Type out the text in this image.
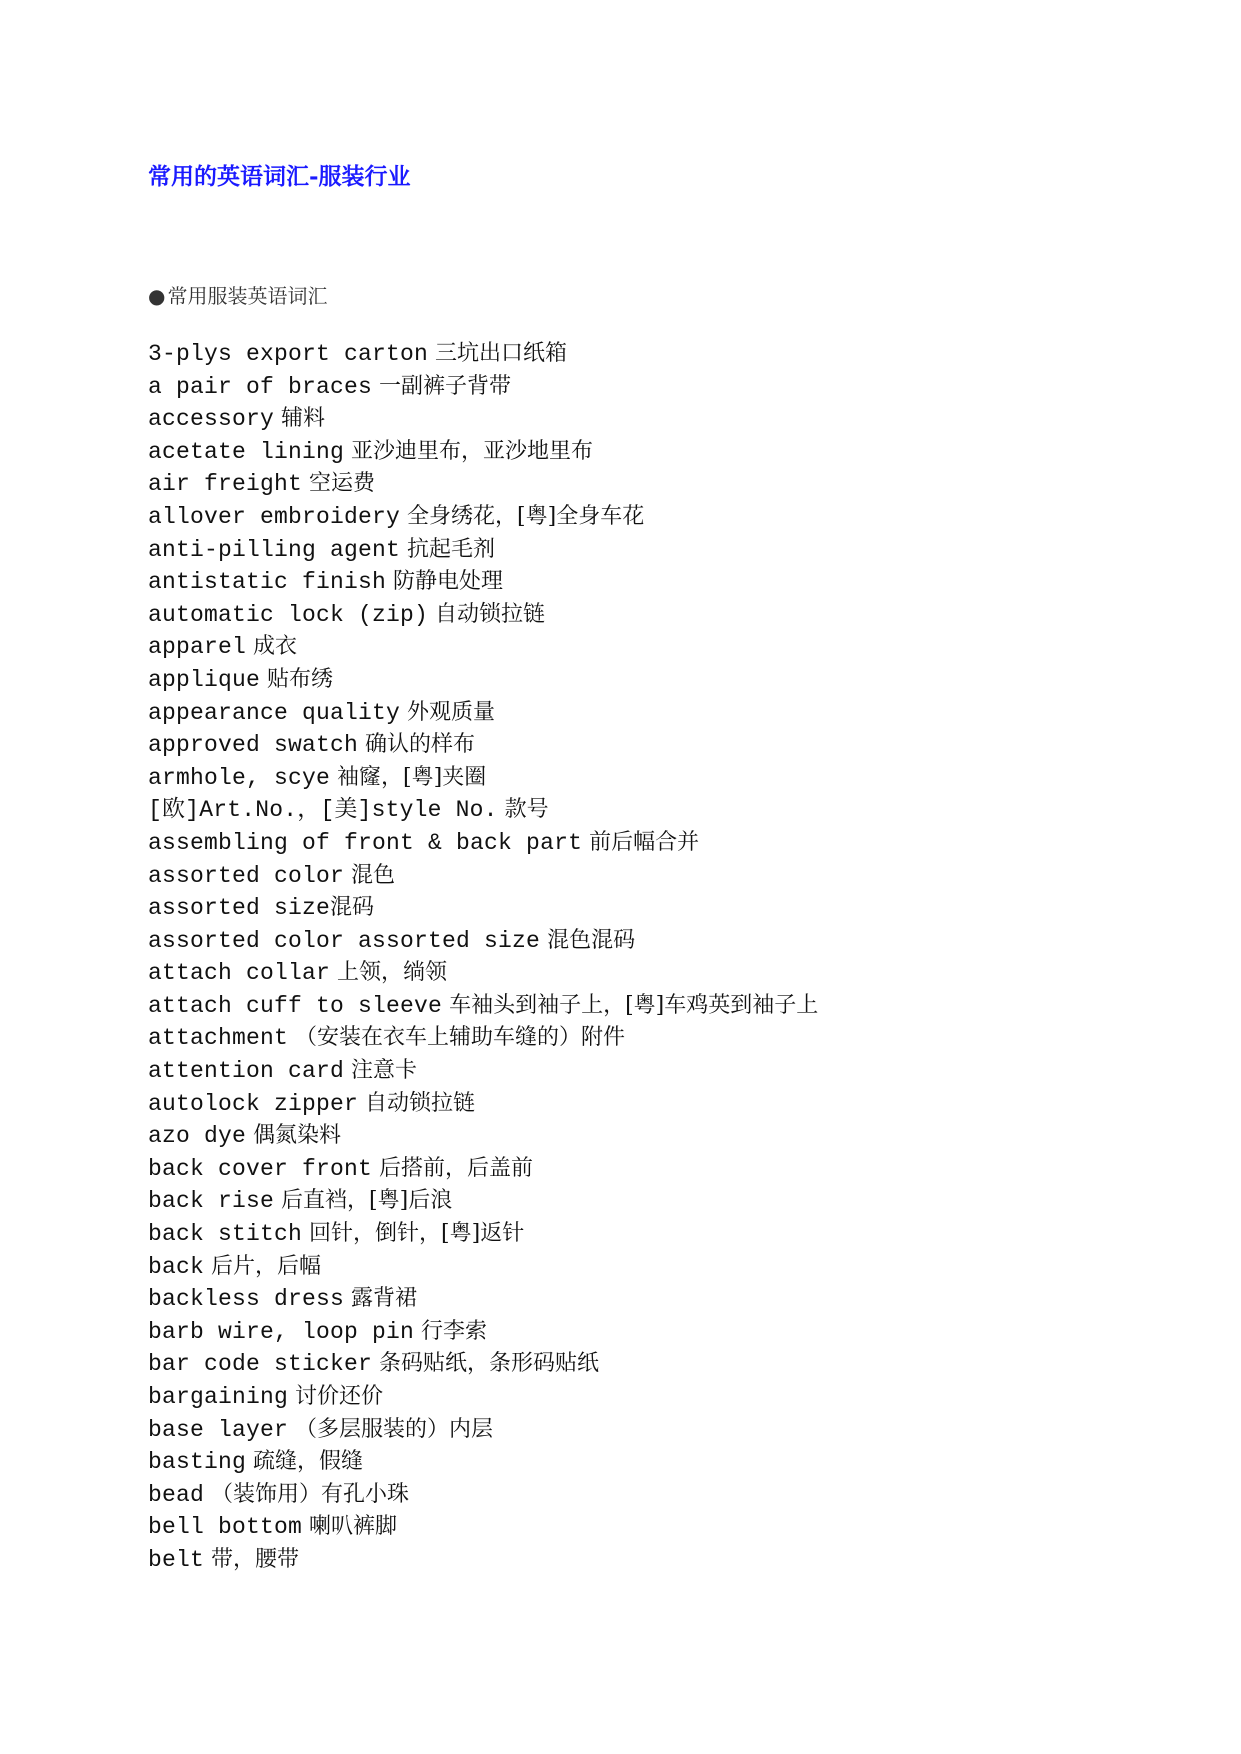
常用的英语词汇-服装行业
● 常用服装英语词汇
3-plys export carton 三坑出口纸箱
a pair of braces 一副裤子背带
accessory 辅料
acetate lining 亚沙迪里布，亚沙地里布
air freight 空运费
allover embroidery 全身绣花，[粤]全身车花
anti-pilling agent 抗起毛剂
antistatic finish 防静电处理
automatic lock (zip) 自动锁拉链
apparel 成衣
applique 贴布绣
appearance quality 外观质量
approved swatch 确认的样布
armhole, scye 袖窿，[粤]夹圈
[欧]Art.No.，[美]style No. 款号
assembling of front & back part 前后幅合并
assorted color 混色
assorted size混码
assorted color assorted size 混色混码
attach collar 上领，绱领
attach cuff to sleeve 车袖头到袖子上，[粤]车鸡英到袖子上
attachment （安装在衣车上辅助车缝的）附件
attention card 注意卡
autolock zipper 自动锁拉链
azo dye 偶氮染料
back cover front 后搭前，后盖前
back rise 后直裆，[粤]后浪
back stitch 回针，倒针，[粤]返针
back 后片，后幅
backless dress 露背裙
barb wire, loop pin 行李索
bar code sticker 条码贴纸，条形码贴纸
bargaining 讨价还价
base layer （多层服装的）内层
basting 疏缝，假缝
bead （装饰用）有孔小珠
bell bottom 喇叭裤脚
belt 带，腰带
